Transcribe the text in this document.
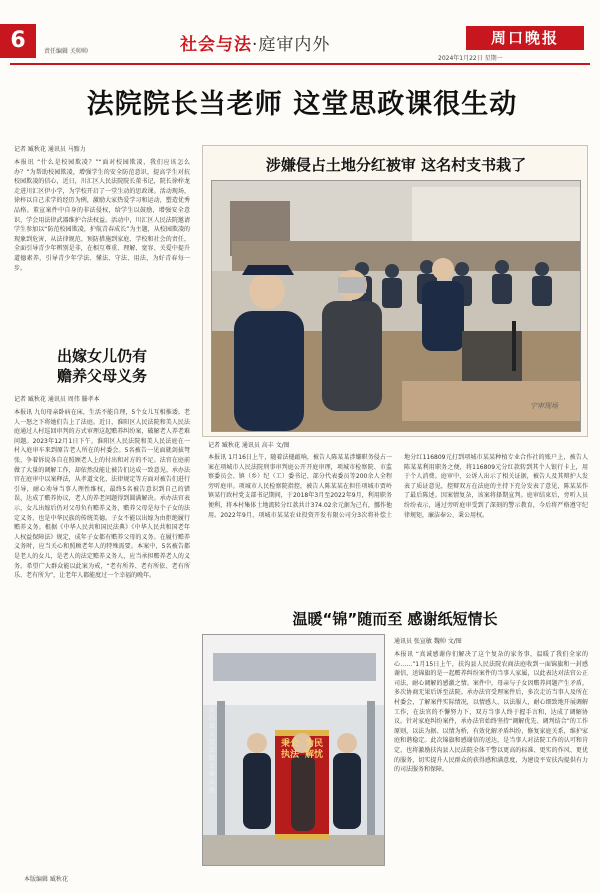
6	责任编辑 关帅帅	社会与法·庭审内外	周口晚报
2024年1月22日 星期一
法院院长当老师 这堂思政课很生动
记者 臧秋花 通讯员 马黯力
本报讯 “什么是校园欺凌？”“面对校园欺凌，我们应该怎么办？”为帮助校园欺凌，增强学生的安全防范意识，提高学生对抗校园欺凌的信心，近日，川汇区人民法院院长董书记，院长徐梓龙走进川汇区伊小学，为学校开启了一堂生动的思政课。活动现场，徐梓以自己求学的经历为例，激励大家热爱学习和运动，塑造优秀品格。董宣案件中自身的非法侵权，给学生以鼓励，增强安全意识，学会用法律武器维护合法权益。活动中，川汇区人民法院邀请学生参加以“防范校园欺凌，护航青春成长”为主题，从校园欺凌的现象到危害，从法律规范、预防措施到家庭、学校和社会的责任，全面引导青少年辨别是非，在相互尊重、理解、宽容、关爱中提升道德素养，引导青少年学法、懂法、守法、用法，为好青春每一步。
出嫁女儿仍有
赡养父母义务
记者 臧秋花 通讯员 周伟 滕孝本
本报讯 九旬母亲卧病在床，生活不能自理，5个女儿互相推诿。老人一怒之下将她们告上了法庭。近日，淮阳区人民法院和美人民法庭通过人村巡回审判的方式审理这起赡养纠纷案，破解老人养老难问题。2023年12月1日下午，淮阳区人民法院和美人民法庭在一村入庭审车来到原告老人所在的村委会。5名被告一见面就剑拔弩张，争着诉说各自在照顾老人上的付出和对方的不足。法官在庭前做了大量的调解工作，却依然没能让被告们达成一致意见。承办法官在庭审中以案释法，从孝道文化、法律规定等方面对被告们进行引导，耐心劝导当事人理性维权，最终5名被告意识到自己的错误，达成了赡养协议，老人的养老问题得到圆满解决。承办法官表示，女儿出嫁后仍对父母负有赡养义务，赡养父母是每个子女的法定义务，也是中华民族的传统美德。子女不能以出嫁为由拒绝履行赡养义务。根据《中华人民共和国民法典》《中华人民共和国老年人权益保障法》规定，成年子女都有赡养父母的义务。在履行赡养义务时，应当关心和照顾老年人的特殊需要。本案中，5名被告都是老人的女儿，是老人的法定赡养义务人，应当承担赡养老人的义务。希望广大群众能以此案为戒，“老有所养、老有所依、老有所乐、老有所为”，让老年人都能度过一个幸福的晚年。
本版编辑 臧秋花
涉嫌侵占土地分红被审 这名村支书栽了
宁审现场
记者 臧秋花 通讯员 高丰 文/图
本报讯 1月16日上午，随着法槌敲响，被告人陈某某涉嫌职务侵占一案在项城市人民法院刑事审判庭公开开庭审理，项城市检察院、市监察委员会、镇（乡）纪（工）委书记、部分代表委员等200余人全程旁听庭审。项城市人民检察院指控，被告人陈某某在担任项城市贾岭镇某行政村党支部书记期间，于2018年3月至2022年9月，利用职务便利，将本村集体土地流转分红款共计374.02余元据为己有，挪作他用。2022年9月，项城市某某农业投资开发有限公司分3次将补偿土地分红116809元打到项城市某某种植专业合作社的账户上，被告人陈某某利用职务之便，将116809元分红款转到其个人银行卡上，用于个人消费。庭审中，公诉人出示了相关证据，被告人及其辩护人发表了质证意见，控辩双方在法庭的主持下充分发表了意见，陈某某作了最后陈述。因案情复杂，该案将择期宣判。庭审结束后，旁听人员纷纷表示，通过旁听庭审受到了深刻的警示教育，今后将严格遵守纪律规矩，廉洁奉公、秉公用权。
温暖“锦”随而至 感谢纸短情长
秉公执法
为民解忧
扶沟县人民法院农商法庭
通讯员 张宣敏 魏帅 文/图
本报讯 “真诚感谢你们解决了这个复杂的家务事，温暖了我们全家的心……”1月15日上午，扶沟县人民法院农商法庭收到一面锦旗和一封感谢信，送锦旗的是一起赡养纠纷案件的当事人家属，以此表达对法官公正司法、耐心调解的感激之情。案件中，母亲与子女因赡养问题产生矛盾，多次协商无果后诉至法院。承办法官受理案件后，多次走访当事人及所在村委会，了解案件实际情况，以情感人、以法服人，耐心细致地开展调解工作，在法官的不懈努力下，双方当事人终于握手言和，达成了调解协议。针对家庭纠纷案件，承办法官始终坚持“调解优先、调判结合”的工作原则，以法为据、以情为桥，有效化解矛盾纠纷，修复家庭关系，维护家庭和谐稳定。此次锦旗和感谢信的送达，是当事人对法院工作的认可和肯定，也将激励扶沟县人民法院全体干警以更高的标准、更实的作风、更优的服务，切实提升人民群众的获得感和满意度，为建设平安扶沟提供有力的司法服务和保障。
